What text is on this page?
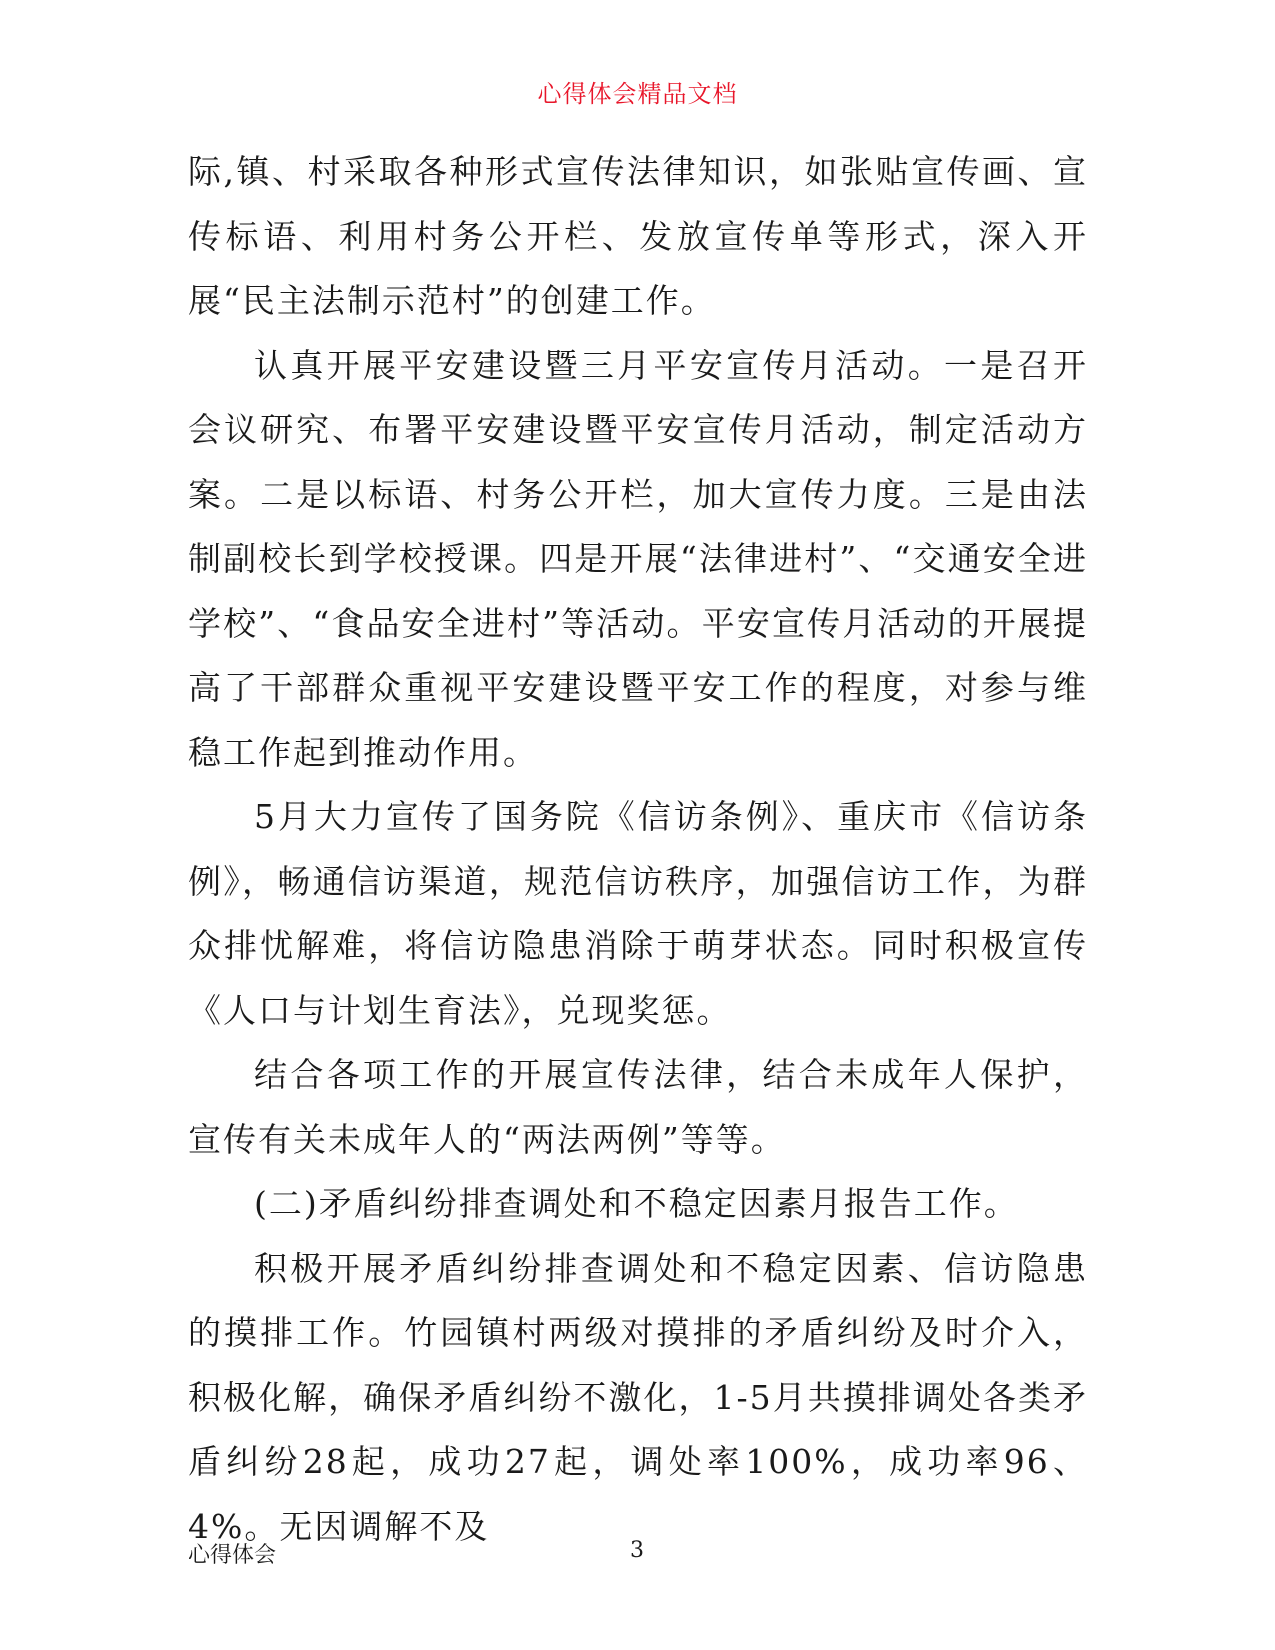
心得体会精品文档

际,镇、村采取各种形式宣传法律知识，如张贴宣传画、宣传标语、利用村务公开栏、发放宣传单等形式，深入开展“民主法制示范村”的创建工作。

认真开展平安建设暨三月平安宣传月活动。一是召开会议研究、布署平安建设暨平安宣传月活动，制定活动方案。二是以标语、村务公开栏，加大宣传力度。三是由法制副校长到学校授课。四是开展“法律进村”、“交通安全进学校”、“食品安全进村”等活动。平安宣传月活动的开展提高了干部群众重视平安建设暨平安工作的程度，对参与维稳工作起到推动作用。

5月大力宣传了国务院《信访条例》、重庆市《信访条例》，畅通信访渠道，规范信访秩序，加强信访工作，为群众排忧解难，将信访隐患消除于萌芽状态。同时积极宣传《人口与计划生育法》，兑现奖惩。

结合各项工作的开展宣传法律，结合未成年人保护，宣传有关未成年人的“两法两例”等等。

(二)矛盾纠纷排查调处和不稳定因素月报告工作。

积极开展矛盾纠纷排查调处和不稳定因素、信访隐患的摸排工作。竹园镇村两级对摸排的矛盾纠纷及时介入，积极化解，确保矛盾纠纷不激化，1-5月共摸排调处各类矛盾纠纷28起，成功27起，调处率100%，成功率96、4%。无因调解不及

心得体会	3
